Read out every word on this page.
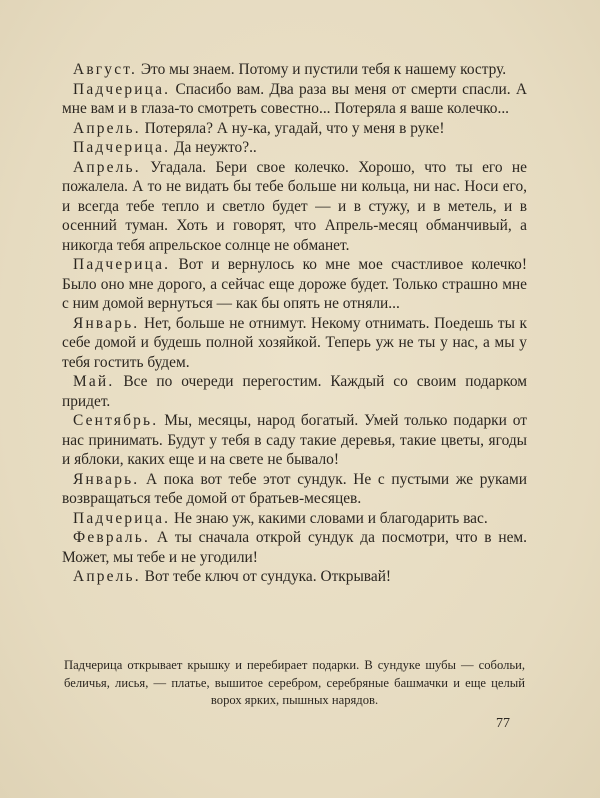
Август. Это мы знаем. Потому и пустили тебя к нашему костру.

Падчерица. Спасибо вам. Два раза вы меня от смерти спасли. А мне вам и в глаза-то смотреть совестно... Потеряла я ваше колечко...

Апрель. Потеряла? А ну-ка, угадай, что у меня в руке!

Падчерица. Да неужто?..

Апрель. Угадала. Бери свое колечко. Хорошо, что ты его не пожалела. А то не видать бы тебе больше ни кольца, ни нас. Носи его, и всегда тебе тепло и светло будет — и в стужу, и в метель, и в осенний туман. Хоть и говорят, что Апрель-месяц обманчивый, а никогда тебя апрельское солнце не обманет.

Падчерица. Вот и вернулось ко мне мое счастливое колечко! Было оно мне дорого, а сейчас еще дороже будет. Только страшно мне с ним домой вернуться — как бы опять не отняли...

Январь. Нет, больше не отнимут. Некому отнимать. Поедешь ты к себе домой и будешь полной хозяйкой. Теперь уж не ты у нас, а мы у тебя гостить будем.

Май. Все по очереди перегостим. Каждый со своим подарком придет.

Сентябрь. Мы, месяцы, народ богатый. Умей только подарки от нас принимать. Будут у тебя в саду такие деревья, такие цветы, ягоды и яблоки, каких еще и на свете не бывало!

Январь. А пока вот тебе этот сундук. Не с пустыми же руками возвращаться тебе домой от братьев-месяцев.

Падчерица. Не знаю уж, какими словами и благодарить вас.

Февраль. А ты сначала открой сундук да посмотри, что в нем. Может, мы тебе и не угодили!

Апрель. Вот тебе ключ от сундука. Открывай!

Падчерица открывает крышку и перебирает подарки. В сундуке шубы — собольи, беличья, лисья, — платье, вышитое серебром, серебряные башмачки и еще целый ворох ярких, пышных нарядов.
77
